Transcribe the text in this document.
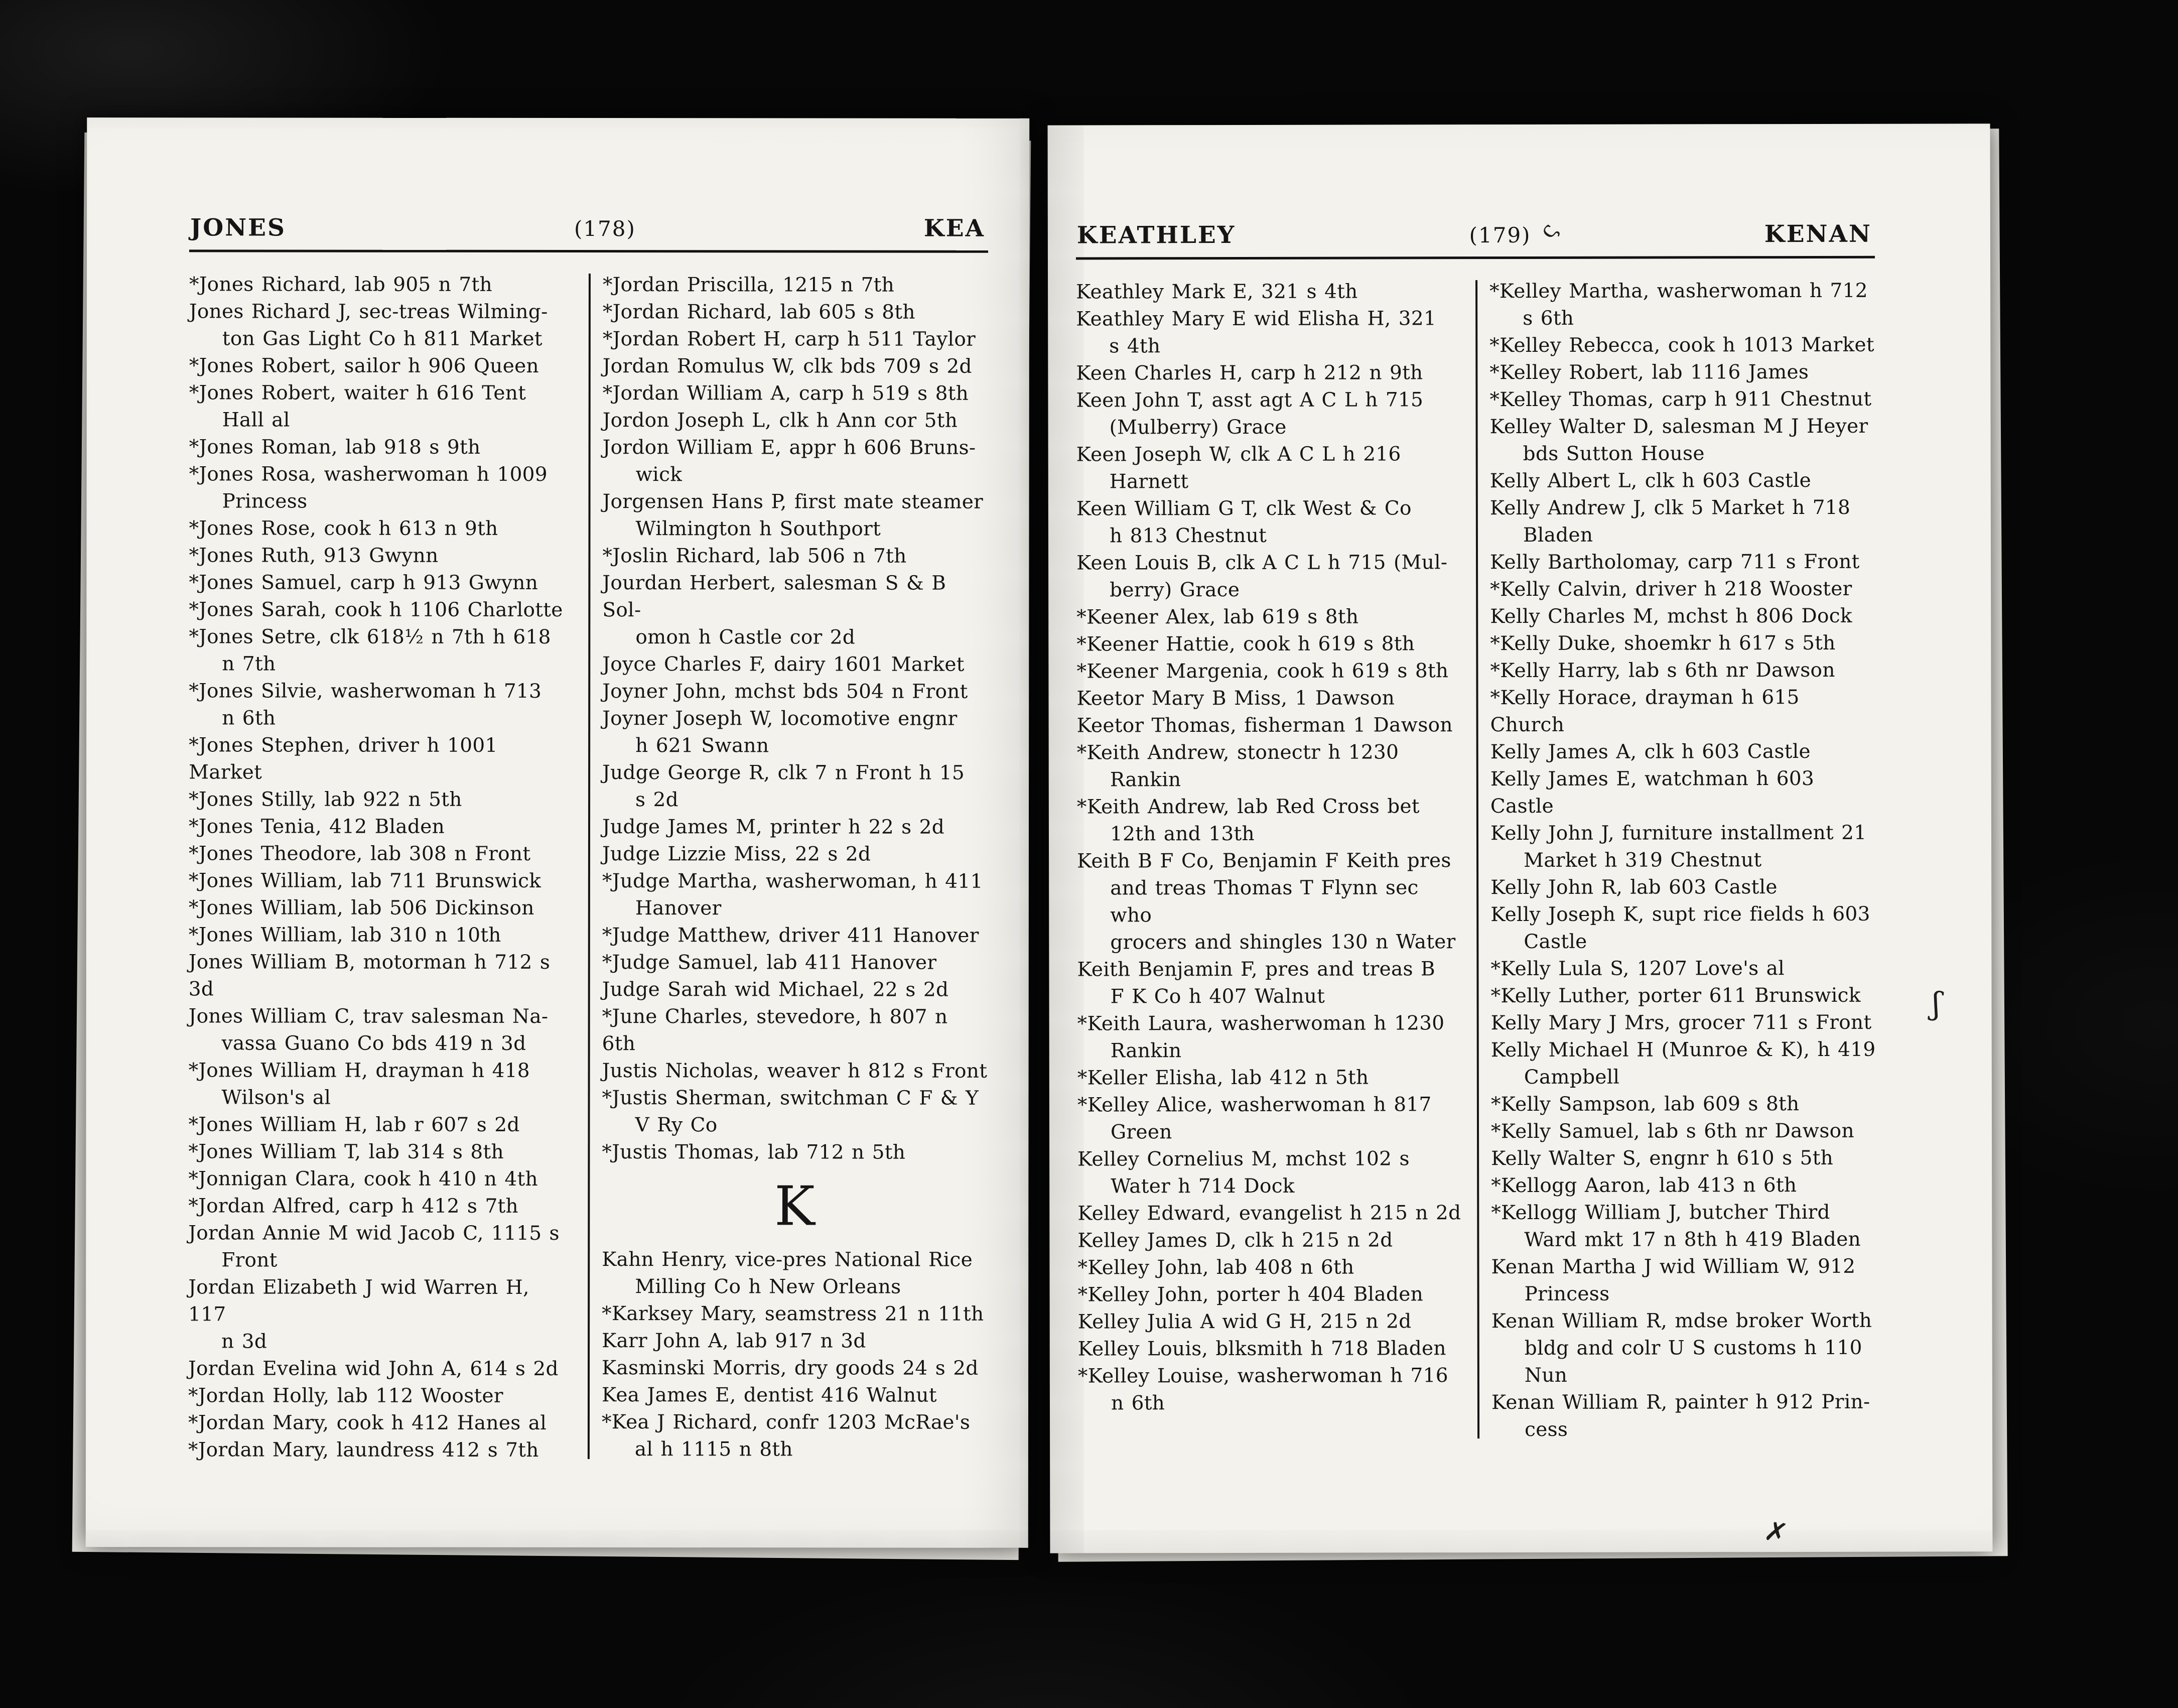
JONES	(178)	KEA
*Jones Richard, lab 905 n 7th
Jones Richard J, sec-treas Wilming-
ton Gas Light Co h 811 Market
*Jones Robert, sailor h 906 Queen
*Jones Robert, waiter h 616 Tent
Hall al
*Jones Roman, lab 918 s 9th
*Jones Rosa, washerwoman h 1009
Princess
*Jones Rose, cook h 613 n 9th
*Jones Ruth, 913 Gwynn
*Jones Samuel, carp h 913 Gwynn
*Jones Sarah, cook h 1106 Charlotte
*Jones Setre, clk 618½ n 7th h 618
n 7th
*Jones Silvie, washerwoman h 713
n 6th
*Jones Stephen, driver h 1001 Market
*Jones Stilly, lab 922 n 5th
*Jones Tenia, 412 Bladen
*Jones Theodore, lab 308 n Front
*Jones William, lab 711 Brunswick
*Jones William, lab 506 Dickinson
*Jones William, lab 310 n 10th
Jones William B, motorman h 712 s 3d
Jones William C, trav salesman Na-
vassa Guano Co bds 419 n 3d
*Jones William H, drayman h 418
Wilson's al
*Jones William H, lab r 607 s 2d
*Jones William T, lab 314 s 8th
*Jonnigan Clara, cook h 410 n 4th
*Jordan Alfred, carp h 412 s 7th
Jordan Annie M wid Jacob C, 1115 s
Front
Jordan Elizabeth J wid Warren H, 117
n 3d
Jordan Evelina wid John A, 614 s 2d
*Jordan Holly, lab 112 Wooster
*Jordan Mary, cook h 412 Hanes al
*Jordan Mary, laundress 412 s 7th
*Jordan Priscilla, 1215 n 7th
*Jordan Richard, lab 605 s 8th
*Jordan Robert H, carp h 511 Taylor
Jordan Romulus W, clk bds 709 s 2d
*Jordan William A, carp h 519 s 8th
Jordon Joseph L, clk h Ann cor 5th
Jordon William E, appr h 606 Bruns-
wick
Jorgensen Hans P, first mate steamer
Wilmington h Southport
*Joslin Richard, lab 506 n 7th
Jourdan Herbert, salesman S & B Sol-
omon h Castle cor 2d
Joyce Charles F, dairy 1601 Market
Joyner John, mchst bds 504 n Front
Joyner Joseph W, locomotive engnr
h 621 Swann
Judge George R, clk 7 n Front h 15
s 2d
Judge James M, printer h 22 s 2d
Judge Lizzie Miss, 22 s 2d
*Judge Martha, washerwoman, h 411
Hanover
*Judge Matthew, driver 411 Hanover
*Judge Samuel, lab 411 Hanover
Judge Sarah wid Michael, 22 s 2d
*June Charles, stevedore, h 807 n 6th
Justis Nicholas, weaver h 812 s Front
*Justis Sherman, switchman C F & Y
V Ry Co
*Justis Thomas, lab 712 n 5th
K
Kahn Henry, vice-pres National Rice
Milling Co h New Orleans
*Karksey Mary, seamstress 21 n 11th
Karr John A, lab 917 n 3d
Kasminski Morris, dry goods 24 s 2d
Kea James E, dentist 416 Walnut
*Kea J Richard, confr 1203 McRae's
al h 1115 n 8th
KEATHLEY	(179)	KENAN
Keathley Mark E, 321 s 4th
Keathley Mary E wid Elisha H, 321
s 4th
Keen Charles H, carp h 212 n 9th
Keen John T, asst agt A C L h 715
(Mulberry) Grace
Keen Joseph W, clk A C L h 216
Harnett
Keen William G T, clk West & Co
h 813 Chestnut
Keen Louis B, clk A C L h 715 (Mul-
berry) Grace
*Keener Alex, lab 619 s 8th
*Keener Hattie, cook h 619 s 8th
*Keener Margenia, cook h 619 s 8th
Keetor Mary B Miss, 1 Dawson
Keetor Thomas, fisherman 1 Dawson
*Keith Andrew, stonectr h 1230
Rankin
*Keith Andrew, lab Red Cross bet
12th and 13th
Keith B F Co, Benjamin F Keith pres
and treas Thomas T Flynn sec who
grocers and shingles 130 n Water
Keith Benjamin F, pres and treas B
F K Co h 407 Walnut
*Keith Laura, washerwoman h 1230
Rankin
*Keller Elisha, lab 412 n 5th
*Kelley Alice, washerwoman h 817
Green
Kelley Cornelius M, mchst 102 s
Water h 714 Dock
Kelley Edward, evangelist h 215 n 2d
Kelley James D, clk h 215 n 2d
*Kelley John, lab 408 n 6th
*Kelley John, porter h 404 Bladen
Kelley Julia A wid G H, 215 n 2d
Kelley Louis, blksmith h 718 Bladen
*Kelley Louise, washerwoman h 716
n 6th
*Kelley Martha, washerwoman h 712
s 6th
*Kelley Rebecca, cook h 1013 Market
*Kelley Robert, lab 1116 James
*Kelley Thomas, carp h 911 Chestnut
Kelley Walter D, salesman M J Heyer
bds Sutton House
Kelly Albert L, clk h 603 Castle
Kelly Andrew J, clk 5 Market h 718
Bladen
Kelly Bartholomay, carp 711 s Front
*Kelly Calvin, driver h 218 Wooster
Kelly Charles M, mchst h 806 Dock
*Kelly Duke, shoemkr h 617 s 5th
*Kelly Harry, lab s 6th nr Dawson
*Kelly Horace, drayman h 615 Church
Kelly James A, clk h 603 Castle
Kelly James E, watchman h 603 Castle
Kelly John J, furniture installment 21
Market h 319 Chestnut
Kelly John R, lab 603 Castle
Kelly Joseph K, supt rice fields h 603
Castle
*Kelly Lula S, 1207 Love's al
*Kelly Luther, porter 611 Brunswick
Kelly Mary J Mrs, grocer 711 s Front
Kelly Michael H (Munroe & K), h 419
Campbell
*Kelly Sampson, lab 609 s 8th
*Kelly Samuel, lab s 6th nr Dawson
Kelly Walter S, engnr h 610 s 5th
*Kellogg Aaron, lab 413 n 6th
*Kellogg William J, butcher Third
Ward mkt 17 n 8th h 419 Bladen
Kenan Martha J wid William W, 912
Princess
Kenan William R, mdse broker Worth
bldg and colr U S customs h 110
Nun
Kenan William R, painter h 912 Prin-
cess
ς
ʃ
✗
